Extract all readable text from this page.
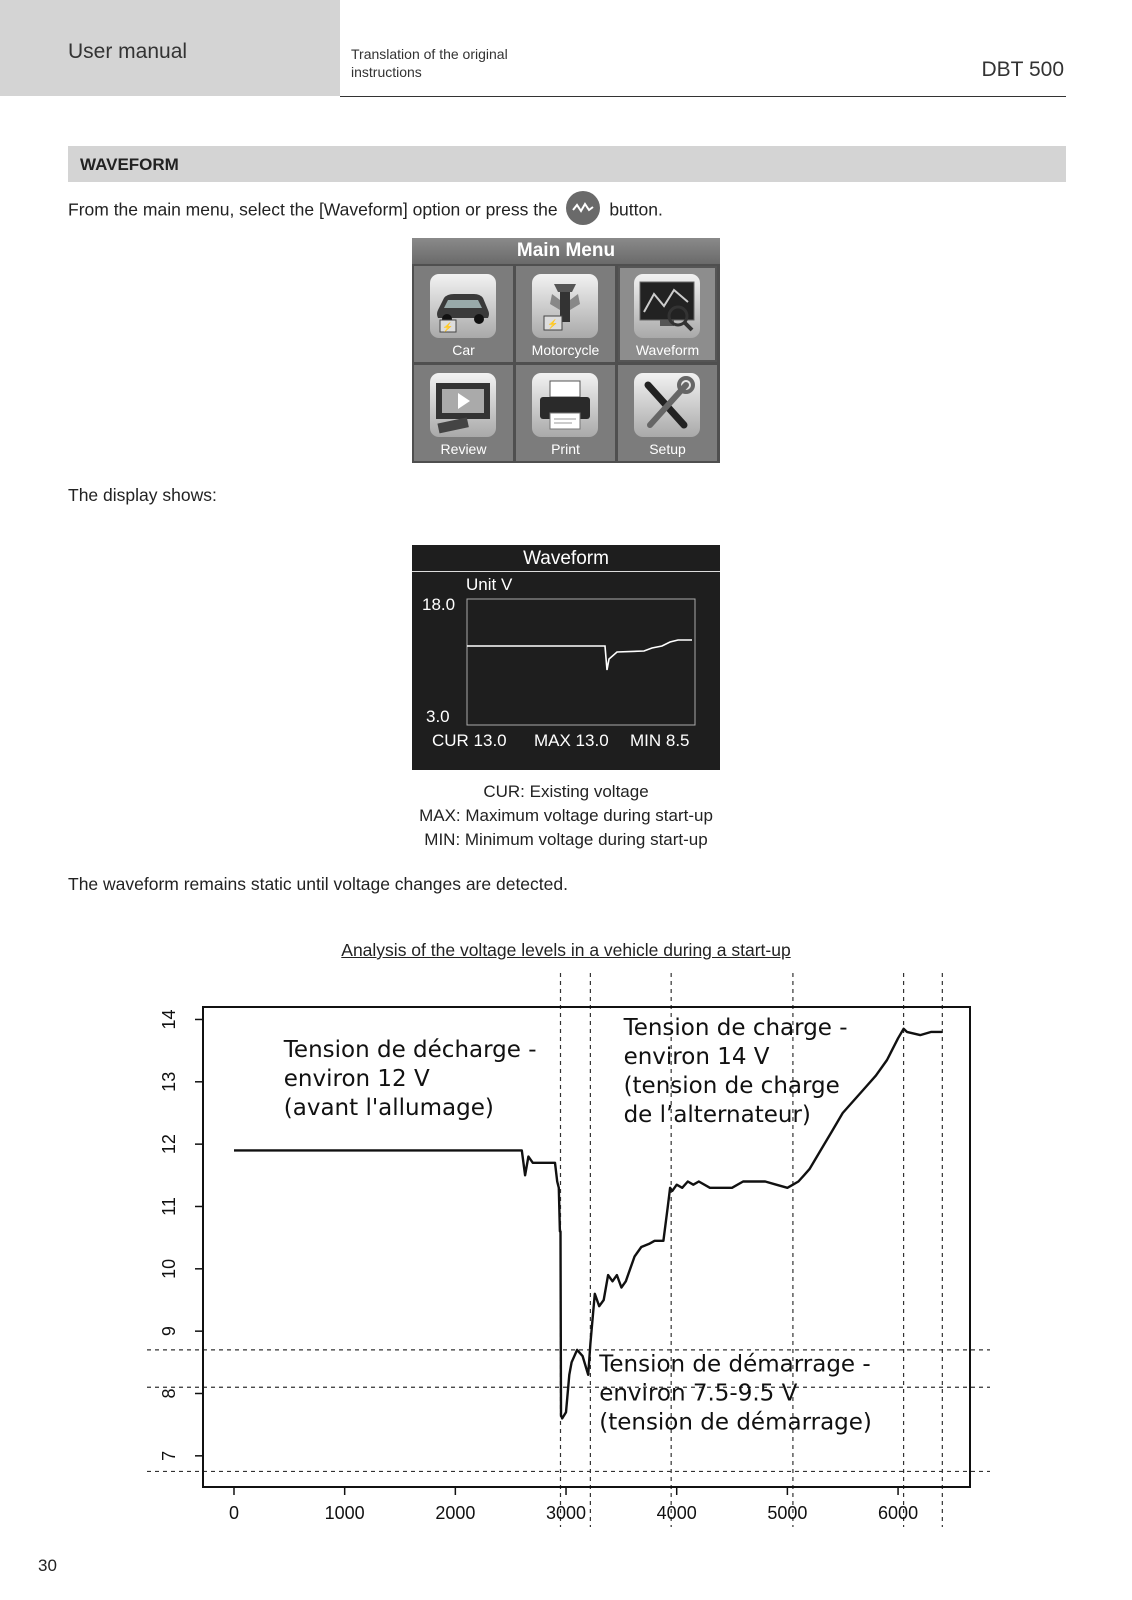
User manual	Translation of the original
instructions	DBT 500
WAVEFORM
From the main menu, select the [Waveform] option or press the	button.
Main Menu
⚡
Car
⚡
Motorcycle	Waveform
Review	Print	Setup
The display shows:
Waveform
Unit V
18.0
3.0
CUR 13.0 MAX 13.0 MIN 8.5
CUR: Existing voltage
MAX: Maximum voltage during start-up
MIN: Minimum voltage during start-up
The waveform remains static until voltage changes are detected.
Analysis of the voltage levels in a vehicle during a start-up
0	1000	2000	3000	4000	5000	6000
7
8
9
10
11
12
13
14
Tension de décharge -environ 12 V (avant l'allumage)
Tension de charge -environ 14 V (tension de charge de l’alternateur)
Tension de démarrage -environ 7.5-9.5 V (tension de démarrage)
30
